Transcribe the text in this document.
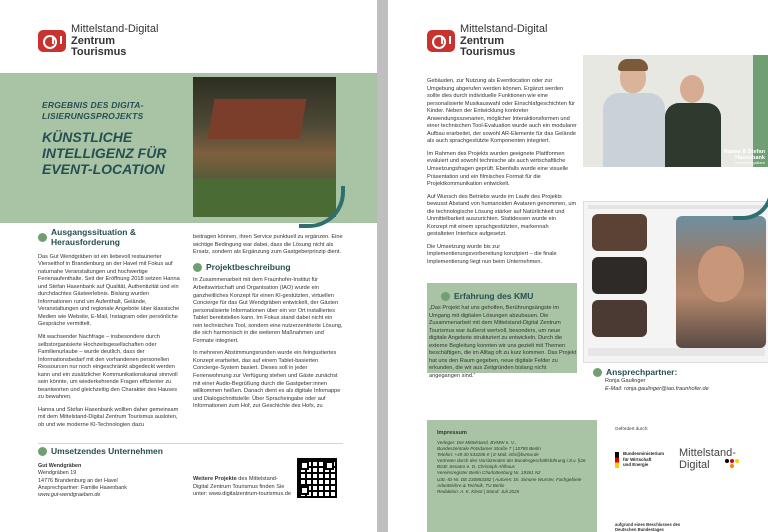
Mittelstand-Digital
Zentrum
Tourismus
ERGEBNIS DES DIGITA-LISIERUNGSPROJEKTS
KÜNSTLICHE INTELLIGENZ FÜR EVENT-LOCATION
Ausgangssituation &
Herausforderung

Das Gut Wendgräben ist ein liebevoll restaurierter Vierseithof in Brandenburg an der Havel mit Fokus auf naturnahe Veranstaltungen und hochwertige Ferienaufenthalte. Seit der Eröffnung 2018 setzen Hanna und Stefan Hasenbank auf Qualität, Authentizität und ein durchdachtes Gästeerlebnis. Bislang wurden Informationen rund um Aufenthalt, Gelände, Veranstaltungen und regionale Angebote über klassische Medien wie Website, E-Mail, Instagram oder persönliche Gespräche vermittelt.

Mit wachsender Nachfrage – insbesondere durch selbstorganisierte Hochzeitsgesellschaften oder Familienurlaube – wurde deutlich, dass der Informationsbedarf mit den vorhandenen personellen Ressourcen nur noch eingeschränkt abgedeckt werden kann und ein zusätzlicher Kommunikationskanal sinnvoll sein könnte, um wiederkehrende Fragen effizienter zu beantworten und gleichzeitig den Charakter des Hauses zu bewahren.

Hanna und Stefan Hasenbank wollten daher gemeinsam mit dem Mittelstand-Digital Zentrum Tourismus ausloten, ob und wie moderne KI-Technologien dazu

beitragen können, ihren Service punktuell zu ergänzen. Eine wichtige Bedingung war dabei, dass die Lösung nicht als Ersatz, sondern als Ergänzung zum Gastgeberprinzip dient.

Projektbeschreibung

In Zusammenarbeit mit dem Fraunhofer-Institut für Arbeitswirtschaft und Organisation (IAO) wurde ein ganzheitliches Konzept für einen KI-gestützten, virtuellen Concierge für das Gut Wendgräben entwickelt, der Gästen personalisierte Informationen über ein vor Ort installiertes Tablet bereitstellen kann. Im Fokus stand dabei nicht ein rein technisches Tool, sondern eine nutzerzentrierte Lösung, die sich harmonisch in die weiteren Maßnahmen und Formate integriert.

In mehreren Abstimmungsrunden wurde ein feingustiertes Konzept erarbeitet, das auf einem Tablet-basierten Concierge-System basiert. Dieses soll in jeder Ferienwohnung zur Verfügung stehen und Gäste zunächst mit einer Audio-Begrüßung durch die Gastgeber:innen willkommen heißen. Danach dient es als digitale Infomappe und Dialogschnittstelle: Über Spracheingabe oder auf Informationen zum Hof, zur Geschichte des Hofs, zu

Umsetzendes Unternehmen
Gut Wendgräben
Wendgräben 19
14776 Brandenburg an der Havel
Ansprechpartner: Familie Hasenbank
www.gut-wendgraeben.de
Weitere Projekte des Mittelstand-Digital Zentrum Tourismus finden Sie unter: www.digitalzentrum-tourismus.de
Mittelstand-Digital
Zentrum
Tourismus

Gebäuden, zur Nutzung als Eventlocation oder zur Umgebung abgerufen werden können. Ergänzt werden sollte dies durch individuelle Funktionen wie eine personalisierte Musikauswahl oder Einschlafgeschichten für Kinder. Neben der Entwicklung konkreter Anwendungsszenarien, möglicher Interaktionsformen und einer technischen Tool-Evaluation wurde auch ein modularer Aufbau erarbeitet, der sowohl AR-Elemente für das Gelände als auch sprachgestützte Komponenten integriert.

Im Rahmen des Projekts wurden geeignete Plattformen evaluiert und sowohl technische als auch wirtschaftliche Umsetzungsfragen geprüft. Ebenfalls wurde eine visuelle Präsentation und ein filmisches Format für die Projektkommunikation entwickelt.

Auf Wunsch des Betriebs wurde im Laufe des Projekts bewusst Abstand von humanoiden Avataren genommen, um die technologische Lösung stärker auf Natürlichkeit und Unmittelbarkeit auszurichten. Stattdessen wurde ein Konzept mit einem sprachgestützten, markennah gestalteten Interface aufgesetzt.

Die Umsetzung wurde bis zur Implementierungsvorbereitung konzipiert – die finale Implementierung liegt nun beim Unternehmen.

Hanna & Stefan Hasenbank
Gut Wendgräben
Erfahrung des KMU
„Das Projekt hat uns geholfen, Berührungsängste im Umgang mit digitalen Lösungen abzubauen. Die Zusammenarbeit mit dem Mittelstand-Digital Zentrum Tourismus war äußerst wertvoll, besonders, um neue digitale Angebote strukturiert zu entwickeln. Durch die externe Begleitung konnten wir uns gezielt mit Themen beschäftigen, die im Alltag oft zu kurz kommen. Das Projekt hat uns den Raum gegeben, neue digitale Felder zu erkunden, die wir aus Zeitgründen bislang nicht angegangen sind.“	Ansprechpartner:
Ronja Gaulinger
E-Mail: ronja.gaulinger@iao.fraunhofer.de
Impressum
Verleger: Der Mittelstand, BVMW e. V.,
Bundeszentrale Potsdamer Straße 7 | 10785 Berlin
Telefon: +49 30 533206-0 | E-Mail: info@bvmw.de
Vertreten durch den Vorsitzenden der Bundesgeschäftsführung i.S.v. §26 BGB: Senator e. D. Christoph Ahlhaus
Vereinsregister Berlin Charlottenburg Nr. 19361 Nz
USt.-ID-Nr. DE 230883382 | Autoren: Dr. Simone Wurster, Fachgebiete Arbeitslehre & Technik, TU Berlin
Redaktion: A. K. Kleist | Stand: Juli 2025
Gefördert durch:
Bundesministerium
für Wirtschaft
und Energie
aufgrund eines Beschlusses des Deutschen Bundestages
Mittelstand-
Digital
